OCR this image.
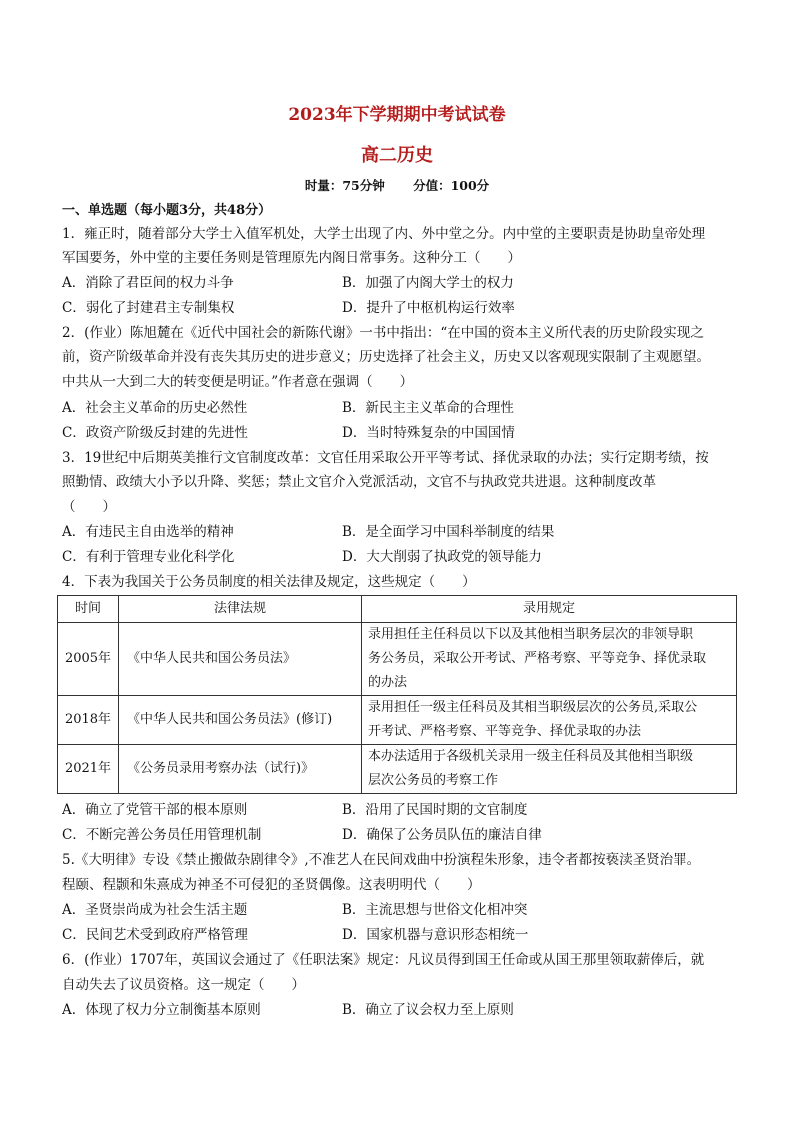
2023年下学期期中考试试卷
高二历史
时量：75分钟 分值：100分
一、单选题（每小题3分，共48分）
1．雍正时，随着部分大学士入值军机处，大学士出现了内、外中堂之分。内中堂的主要职责是协助皇帝处理
军国要务，外中堂的主要任务则是管理原先内阁日常事务。这种分工（　　）
A．消除了君臣间的权力斗争	B．加强了内阁大学士的权力
C．弱化了封建君主专制集权	D．提升了中枢机构运行效率
2．(作业）陈旭麓在《近代中国社会的新陈代谢》一书中指出：“在中国的资本主义所代表的历史阶段实现之
前，资产阶级革命并没有丧失其历史的进步意义；历史选择了社会主义，历史又以客观现实限制了主观愿望。
中共从一大到二大的转变便是明证。”作者意在强调（　　）
A．社会主义革命的历史必然性	B．新民主主义革命的合理性
C．政资产阶级反封建的先进性	D．当时特殊复杂的中国国情
3．19世纪中后期英美推行文官制度改革：文官任用采取公开平等考试、择优录取的办法；实行定期考绩，按
照勤情、政绩大小予以升降、奖惩；禁止文官介入党派活动，文官不与执政党共进退。这种制度改革
（　　）
A．有违民主自由选举的精神	B．是全面学习中国科举制度的结果
C．有利于管理专业化科学化	D．大大削弱了执政党的领导能力
4．下表为我国关于公务员制度的相关法律及规定，这些规定（　　）
时间	法律法规	录用规定
2005年	《中华人民共和国公务员法》	录用担任主任科员以下以及其他相当职务层次的非领导职
务公务员，采取公开考试、严格考察、平等竞争、择优录取
的办法

2018年	《中华人民共和国公务员法》(修订)	录用担任一级主任科员及其相当职级层次的公务员,采取公
开考试、严格考察、平等竞争、择优录取的办法

2021年	《公务员录用考察办法（试行)》	本办法适用于各级机关录用一级主任科员及其他相当职级
层次公务员的考察工作
A．确立了党管干部的根本原则	B．沿用了民国时期的文官制度
C．不断完善公务员任用管理机制	D．确保了公务员队伍的廉洁自律
5.《大明律》专设《禁止搬做杂剧律令》,不准艺人在民间戏曲中扮演程朱形象，违令者都按亵渎圣贤治罪。
程颐、程颢和朱熹成为神圣不可侵犯的圣贤偶像。这表明明代（　　）
A．圣贤崇尚成为社会生活主题	B．主流思想与世俗文化相冲突
C．民间艺术受到政府严格管理	D．国家机器与意识形态相统一
6．(作业）1707年，英国议会通过了《任职法案》规定：凡议员得到国王任命或从国王那里领取薪俸后，就
自动失去了议员资格。这一规定（　　）
A．体现了权力分立制衡基本原则	B．确立了议会权力至上原则
